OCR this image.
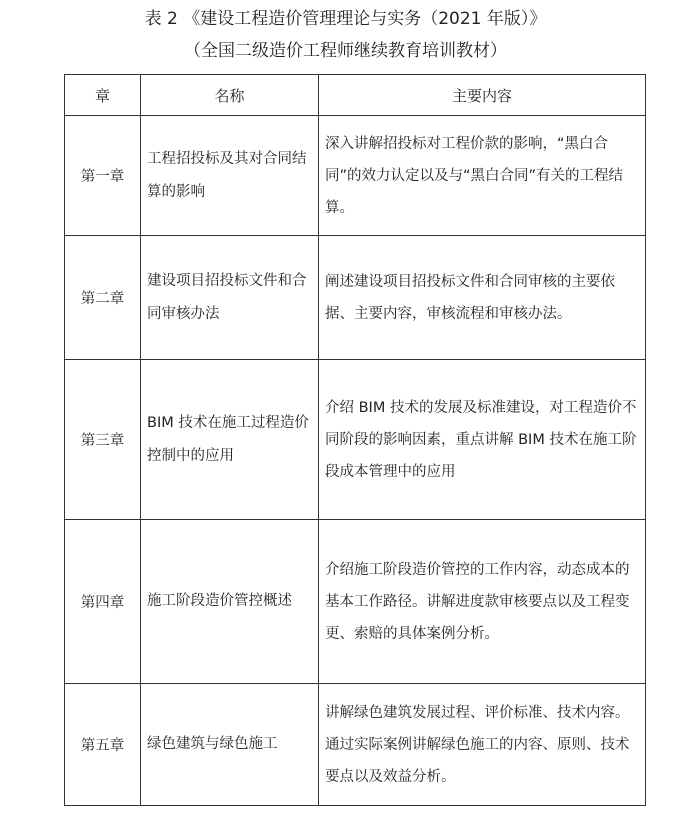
表 2 《建设工程造价管理理论与实务（2021 年版）》
（全国二级造价工程师继续教育培训教材）
章	名称	主要内容
第一章	工程招投标及其对合同结算的影响	深入讲解招投标对工程价款的影响，“黑白合同”的效力认定以及与“黑白合同”有关的工程结算。
第二章	建设项目招投标文件和合同审核办法	阐述建设项目招投标文件和合同审核的主要依据、主要内容，审核流程和审核办法。
第三章	BIM 技术在施工过程造价控制中的应用	介绍 BIM 技术的发展及标准建设，对工程造价不同阶段的影响因素，重点讲解 BIM 技术在施工阶段成本管理中的应用
第四章	施工阶段造价管控概述	介绍施工阶段造价管控的工作内容，动态成本的基本工作路径。讲解进度款审核要点以及工程变更、索赔的具体案例分析。
第五章	绿色建筑与绿色施工	讲解绿色建筑发展过程、评价标准、技术内容。通过实际案例讲解绿色施工的内容、原则、技术要点以及效益分析。
